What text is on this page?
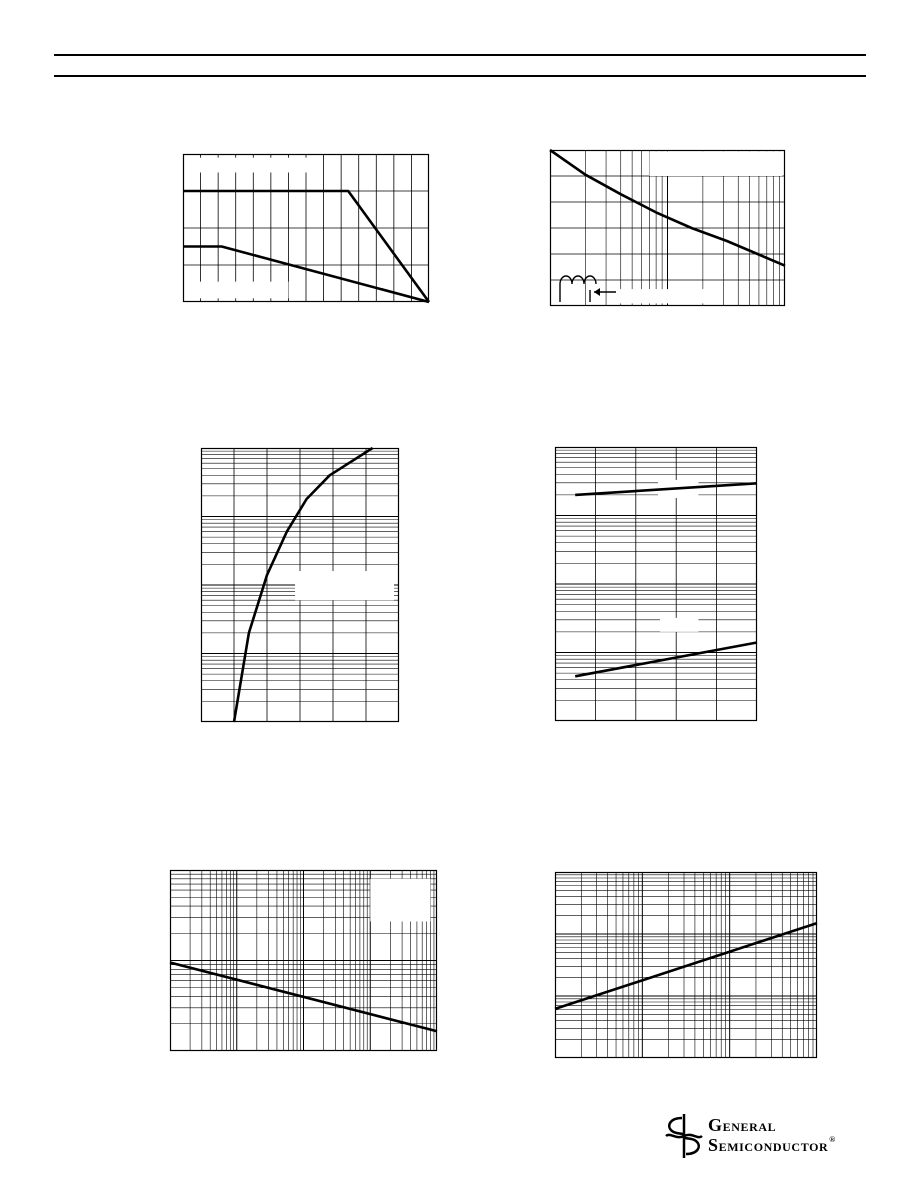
GENERAL
SEMICONDUCTOR®
